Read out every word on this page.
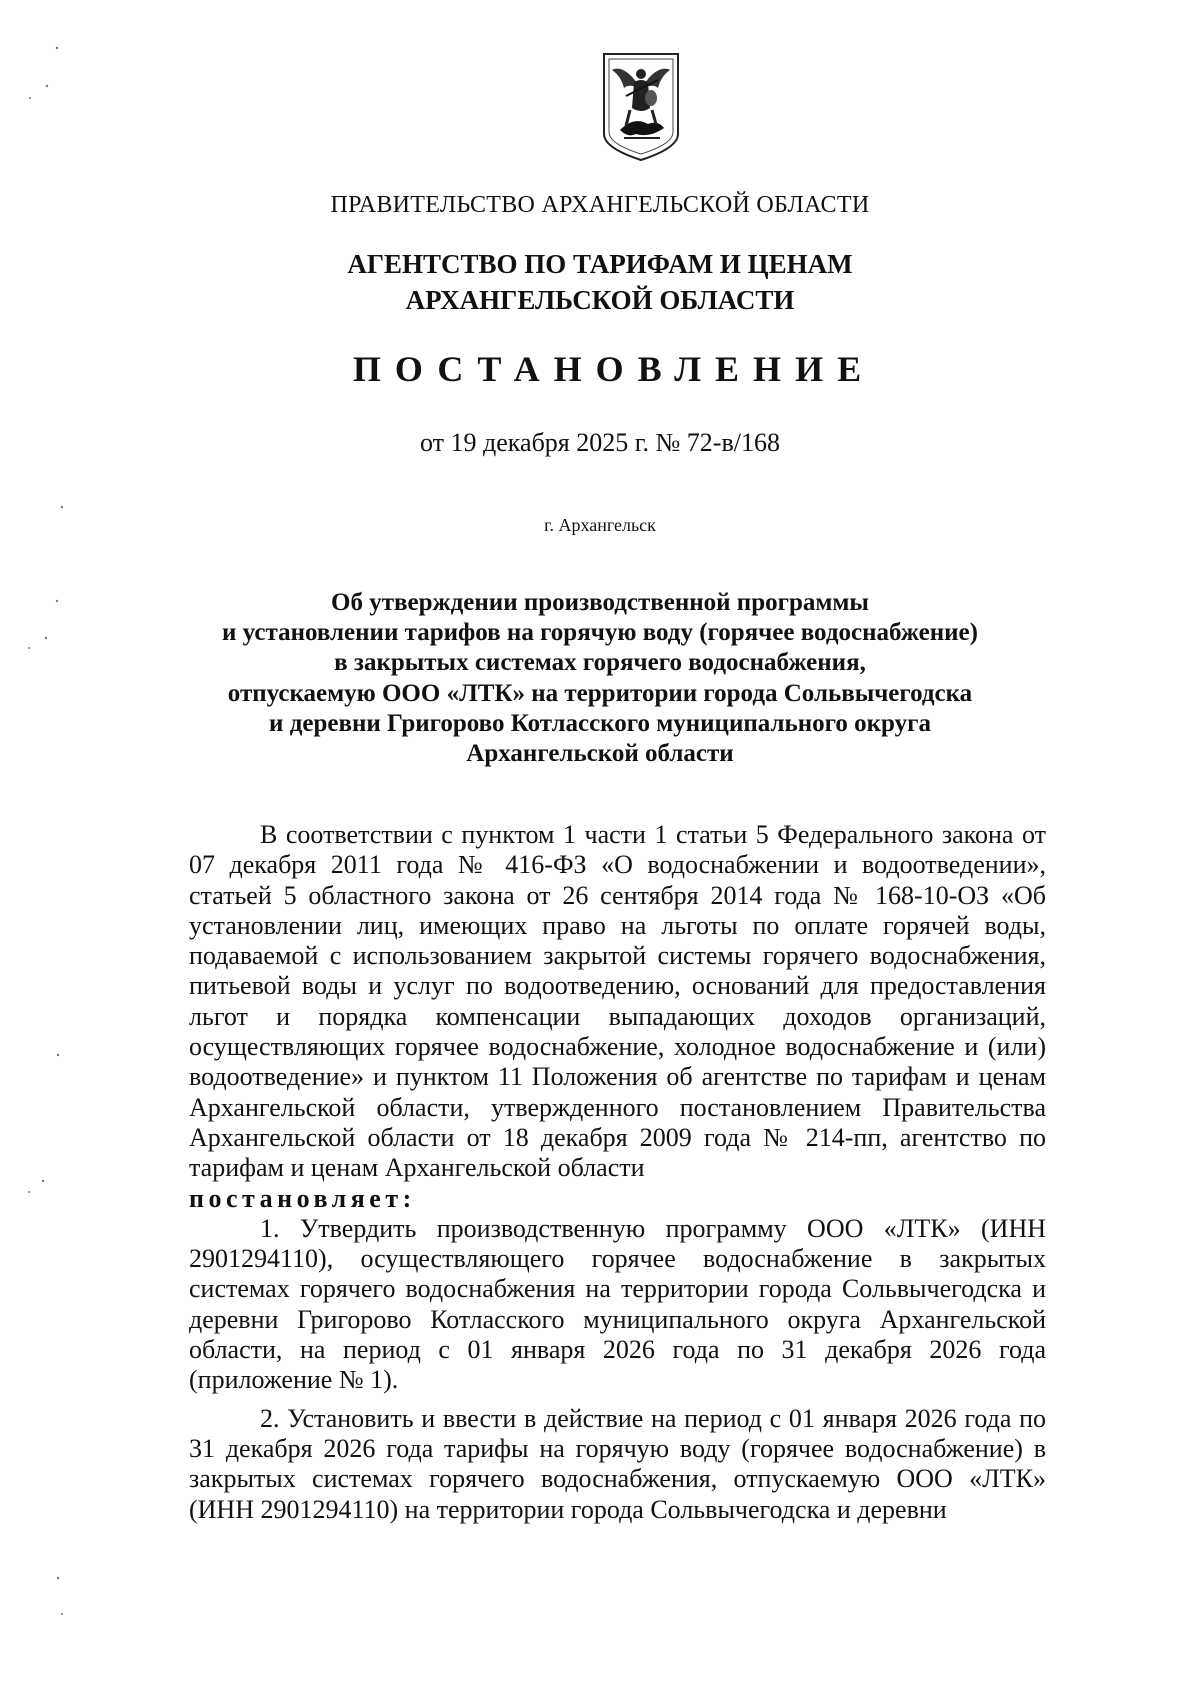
ПРАВИТЕЛЬСТВО АРХАНГЕЛЬСКОЙ ОБЛАСТИ
АГЕНТСТВО ПО ТАРИФАМ И ЦЕНАМ
АРХАНГЕЛЬСКОЙ ОБЛАСТИ
ПОСТАНОВЛЕНИЕ
от 19 декабря 2025 г. № 72-в/168
г. Архангельск
Об утверждении производственной программы
и установлении тарифов на горячую воду (горячее водоснабжение)
в закрытых системах горячего водоснабжения,
отпускаемую ООО «ЛТК» на территории города Сольвычегодска
и деревни Григорово Котласского муниципального округа
Архангельской области

В соответствии с пунктом 1 части 1 статьи 5 Федерального закона от 07 декабря 2011 года № 416-ФЗ «О водоснабжении и водоотведении», статьей 5 областного закона от 26 сентября 2014 года № 168-10-ОЗ «Об установлении лиц, имеющих право на льготы по оплате горячей воды, подаваемой с использованием закрытой системы горячего водоснабжения, питьевой воды и услуг по водоотведению, оснований для предоставления льгот и порядка компенсации выпадающих доходов организаций, осуществляющих горячее водоснабжение, холодное водоснабжение и (или) водоотведение» и пунктом 11 Положения об агентстве по тарифам и ценам Архангельской области, утвержденного постановлением Правительства Архангельской области от 18 декабря 2009 года № 214-пп, агентство по тарифам и ценам Архангельской области

постановляет:

1. Утвердить производственную программу ООО «ЛТК» (ИНН 2901294110), осуществляющего горячее водоснабжение в закрытых системах горячего водоснабжения на территории города Сольвычегодска и деревни Григорово Котласского муниципального округа Архангельской области, на период с 01 января 2026 года по 31 декабря 2026 года (приложение № 1).

2. Установить и ввести в действие на период с 01 января 2026 года по 31 декабря 2026 года тарифы на горячую воду (горячее водоснабжение) в закрытых системах горячего водоснабжения, отпускаемую ООО «ЛТК» (ИНН 2901294110) на территории города Сольвычегодска и деревни
